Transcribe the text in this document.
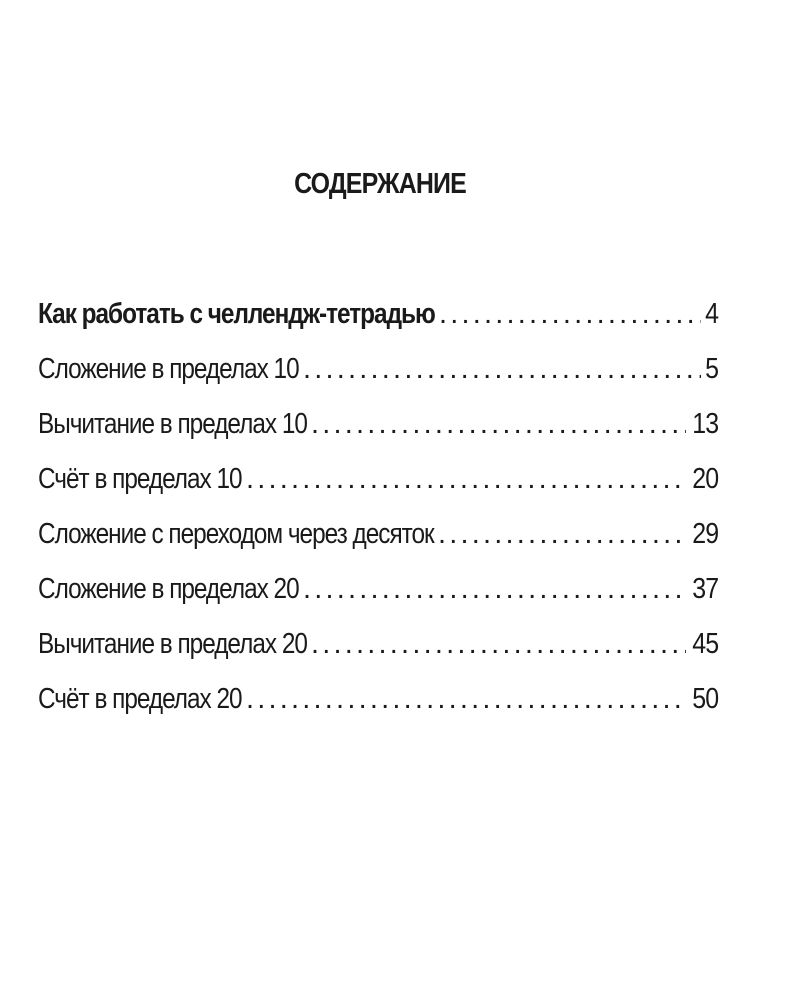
СОДЕРЖАНИЕ
Как работать с челлендж-тетрадью .....	4
Сложение в пределах 10 .....	5
Вычитание в пределах 10 .....	13
Счёт в пределах 10 .....	20
Сложение с переходом через десяток .....	29
Сложение в пределах 20 .....	37
Вычитание в пределах 20 .....	45
Счёт в пределах 20 .....	50
